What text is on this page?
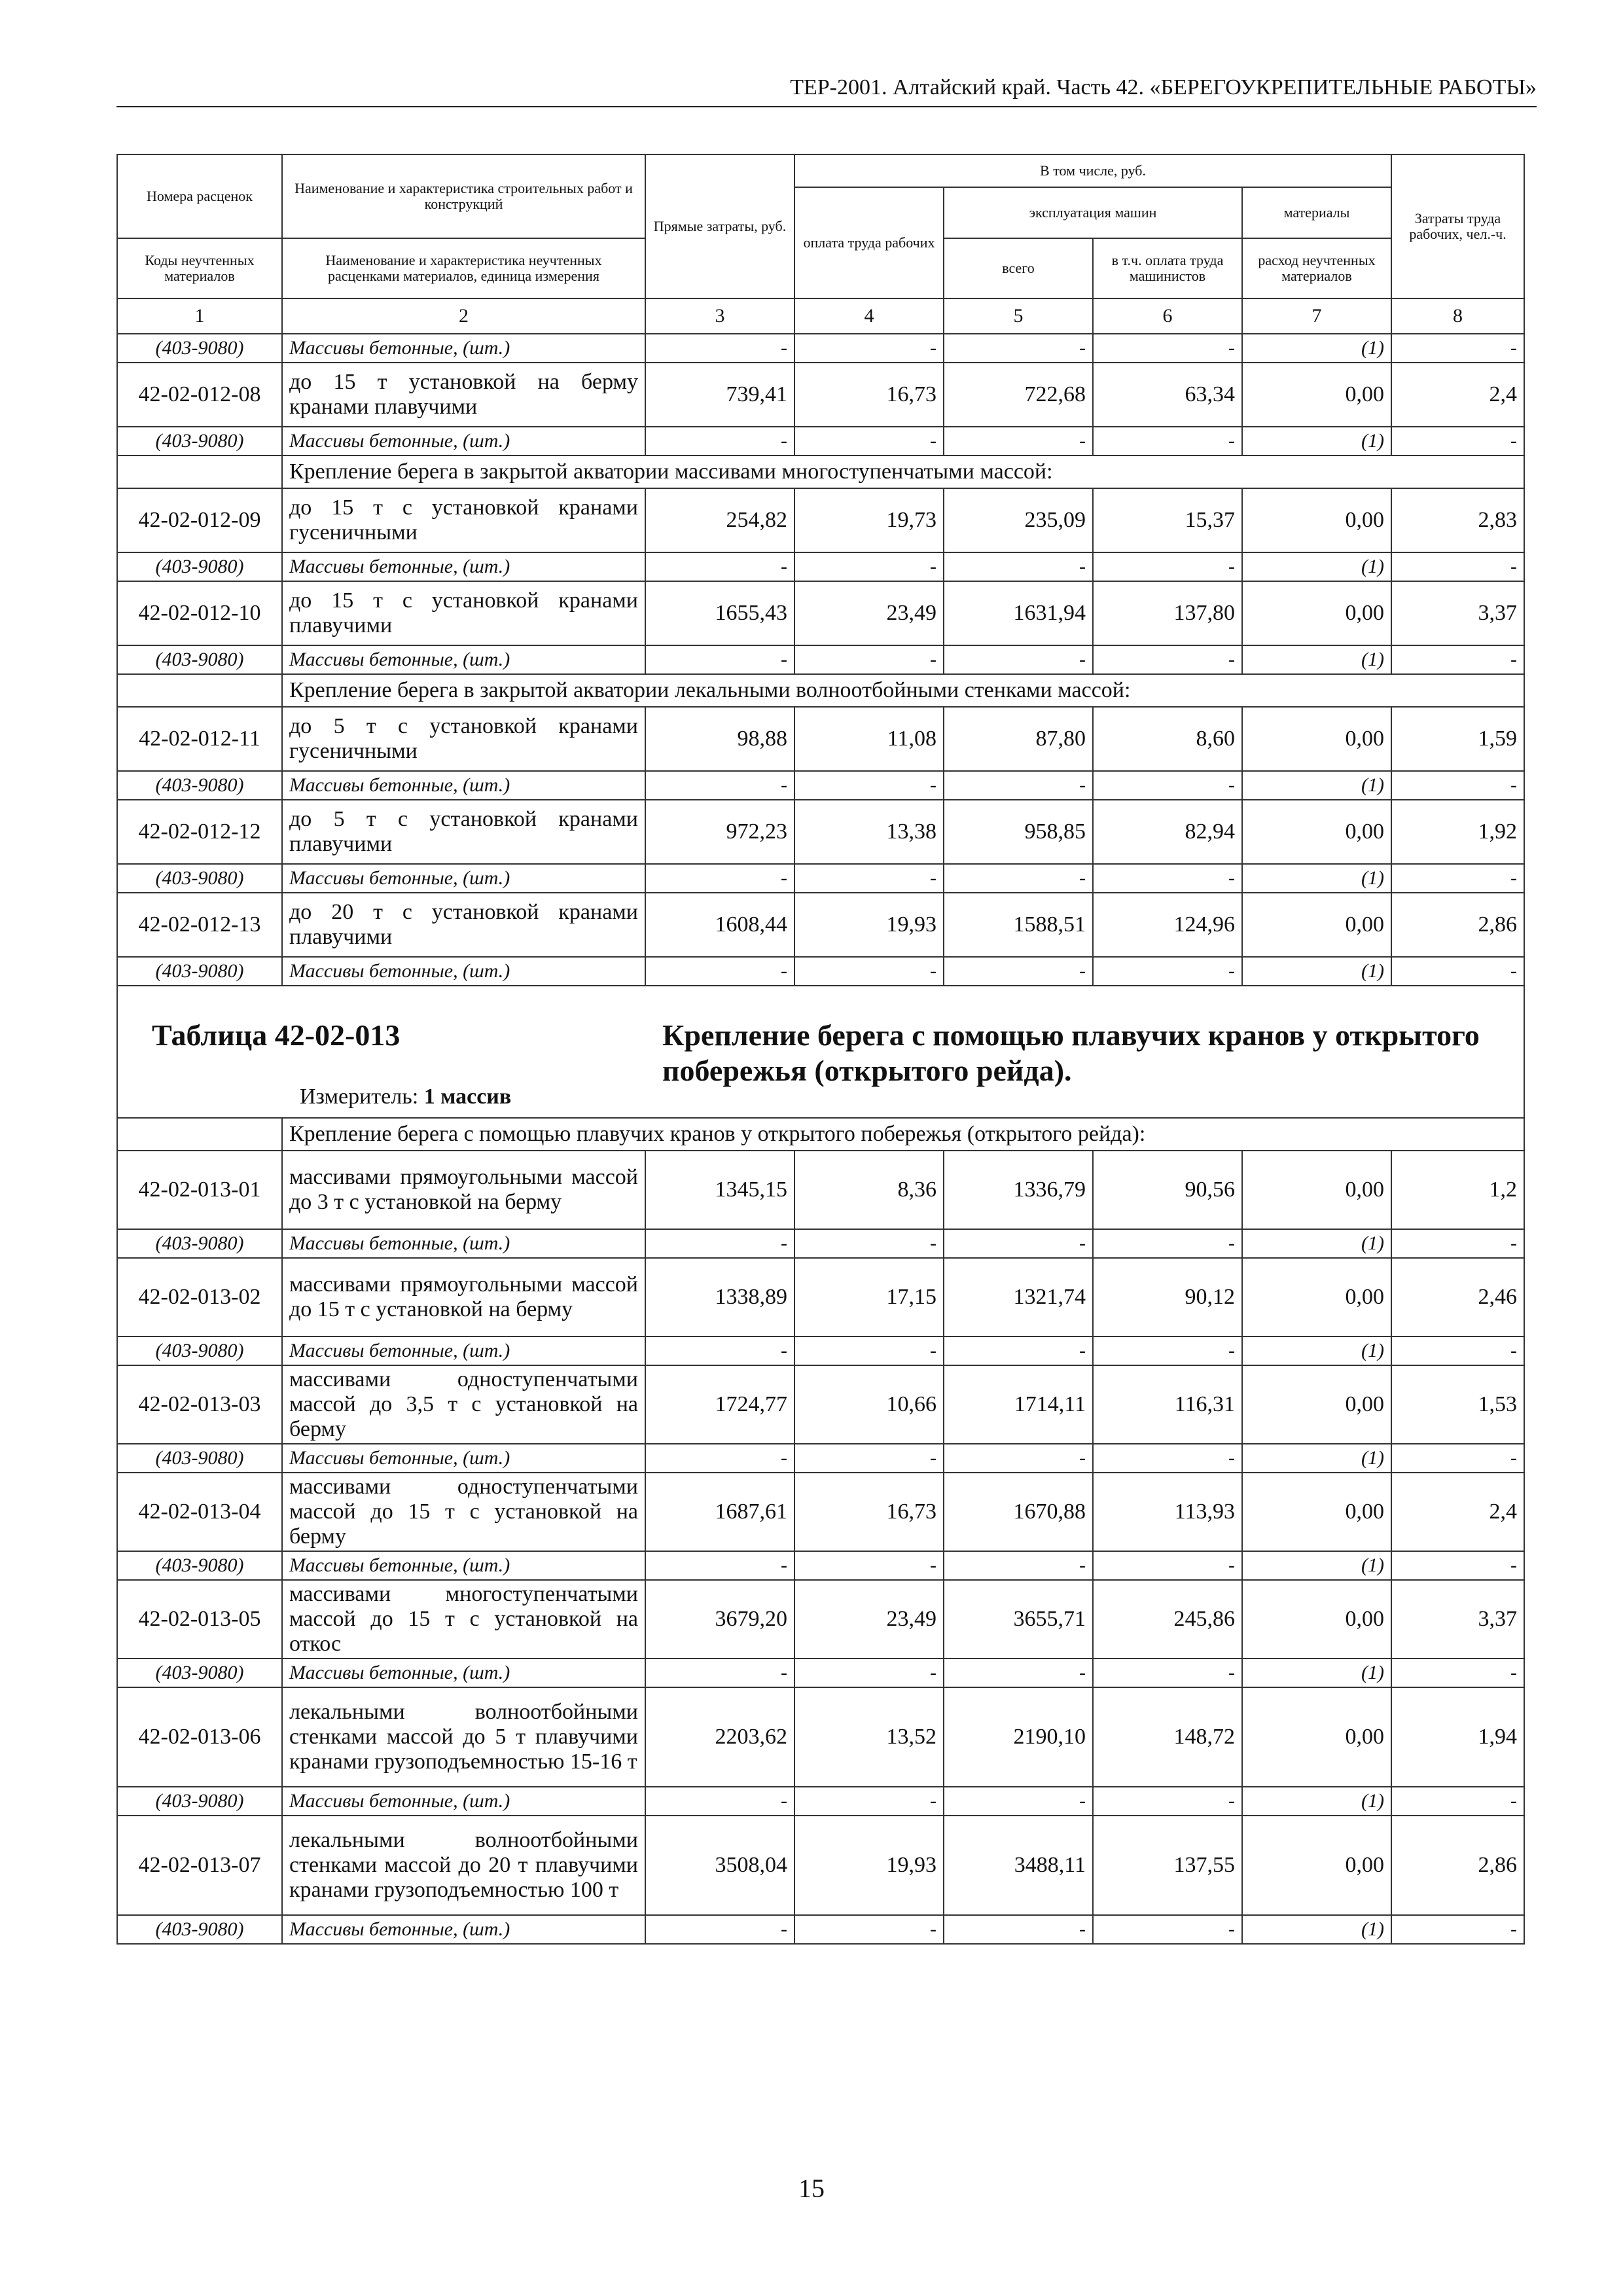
ТЕР-2001. Алтайский край. Часть 42. «БЕРЕГОУКРЕПИТЕЛЬНЫЕ РАБОТЫ»
Номера расценок	Наименование и характеристика строительных работ и конструкций	Прямые затраты, руб.	В том числе, руб.				Затраты труда рабочих, чел.-ч.
			оплата труда рабочих	эксплуатация машин		материалы	
Коды неучтенных материалов	Наименование и характеристика неучтенных расценками материалов, единица измерения			всего	в т.ч. оплата труда машинистов	расход неучтенных материалов	

1	2	3	4	5	6	7	8
(403-9080)	Массивы бетонные, (шт.)	-	-	-	-	(1)	-
42-02-012-08	до 15 т установкой на берму кранами плавучими	739,41	16,73	722,68	63,34	0,00	2,4
(403-9080)	Массивы бетонные, (шт.)	-	-	-	-	(1)	-
	Крепление берега в закрытой акватории массивами многоступенчатыми массой:						
42-02-012-09	до 15 т с установкой кранами гусеничными	254,82	19,73	235,09	15,37	0,00	2,83
(403-9080)	Массивы бетонные, (шт.)	-	-	-	-	(1)	-
42-02-012-10	до 15 т с установкой кранами плавучими	1655,43	23,49	1631,94	137,80	0,00	3,37
(403-9080)	Массивы бетонные, (шт.)	-	-	-	-	(1)	-
	Крепление берега в закрытой акватории лекальными волноотбойными стенками массой:						
42-02-012-11	до 5 т с установкой кранами гусеничными	98,88	11,08	87,80	8,60	0,00	1,59
(403-9080)	Массивы бетонные, (шт.)	-	-	-	-	(1)	-
42-02-012-12	до 5 т с установкой кранами плавучими	972,23	13,38	958,85	82,94	0,00	1,92
(403-9080)	Массивы бетонные, (шт.)	-	-	-	-	(1)	-
42-02-012-13	до 20 т с установкой кранами плавучими	1608,44	19,93	1588,51	124,96	0,00	2,86
(403-9080)	Массивы бетонные, (шт.)	-	-	-	-	(1)	-

Таблица 42-02-013 Крепление берега с помощью плавучих кранов у открытого побережья (открытого рейда).
Измеритель: 1 массив							

	Крепление берега с помощью плавучих кранов у открытого побережья (открытого рейда):						
42-02-013-01	массивами прямоугольными массой до 3 т с установкой на берму	1345,15	8,36	1336,79	90,56	0,00	1,2
(403-9080)	Массивы бетонные, (шт.)	-	-	-	-	(1)	-
42-02-013-02	массивами прямоугольными массой до 15 т с установкой на берму	1338,89	17,15	1321,74	90,12	0,00	2,46
(403-9080)	Массивы бетонные, (шт.)	-	-	-	-	(1)	-
42-02-013-03	массивами одноступенчатыми массой до 3,5 т с установкой на берму	1724,77	10,66	1714,11	116,31	0,00	1,53
(403-9080)	Массивы бетонные, (шт.)	-	-	-	-	(1)	-
42-02-013-04	массивами одноступенчатыми массой до 15 т с установкой на берму	1687,61	16,73	1670,88	113,93	0,00	2,4
(403-9080)	Массивы бетонные, (шт.)	-	-	-	-	(1)	-
42-02-013-05	массивами многоступенчатыми массой до 15 т с установкой на откос	3679,20	23,49	3655,71	245,86	0,00	3,37
(403-9080)	Массивы бетонные, (шт.)	-	-	-	-	(1)	-
42-02-013-06	лекальными волноотбойными стенками массой до 5 т плавучими кранами грузоподъемностью 15-16 т	2203,62	13,52	2190,10	148,72	0,00	1,94
(403-9080)	Массивы бетонные, (шт.)	-	-	-	-	(1)	-
42-02-013-07	лекальными волноотбойными стенками массой до 20 т плавучими кранами грузоподъемностью 100 т	3508,04	19,93	3488,11	137,55	0,00	2,86
(403-9080)	Массивы бетонные, (шт.)	-	-	-	-	(1)	-
15
